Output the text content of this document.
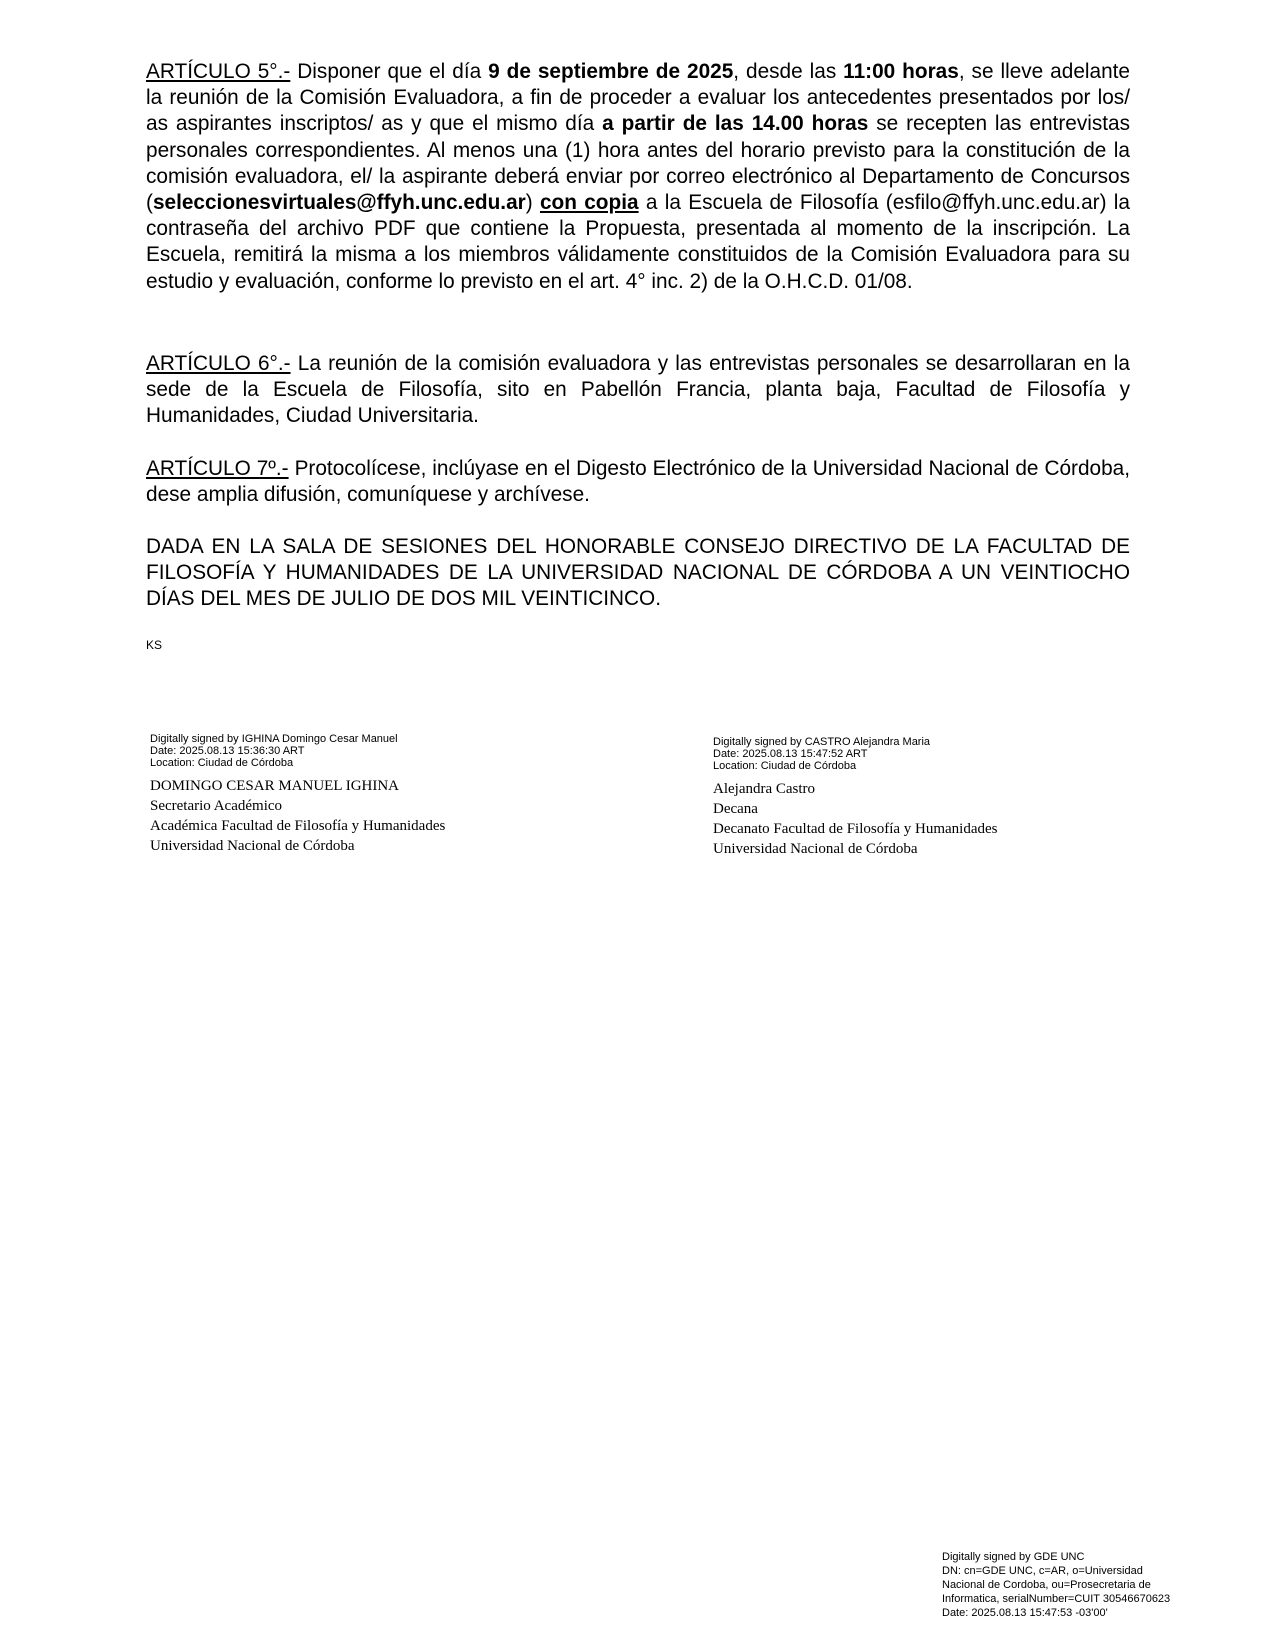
ARTÍCULO 5°.- Disponer que el día 9 de septiembre de 2025, desde las 11:00 horas, se lleve adelante la reunión de la Comisión Evaluadora, a fin de proceder a evaluar los antecedentes presentados por los/ as aspirantes inscriptos/ as y que el mismo día a partir de las 14.00 horas se recepten las entrevistas personales correspondientes. Al menos una (1) hora antes del horario previsto para la constitución de la comisión evaluadora, el/ la aspirante deberá enviar por correo electrónico al Departamento de Concursos (seleccionesvirtuales@ffyh.unc.edu.ar) con copia a la Escuela de Filosofía (esfilo@ffyh.unc.edu.ar) la contraseña del archivo PDF que contiene la Propuesta, presentada al momento de la inscripción. La Escuela, remitirá la misma a los miembros válidamente constituidos de la Comisión Evaluadora para su estudio y evaluación, conforme lo previsto en el art. 4° inc. 2) de la O.H.C.D. 01/08.
ARTÍCULO 6°.- La reunión de la comisión evaluadora y las entrevistas personales se desarrollaran en la sede de la Escuela de Filosofía, sito en Pabellón Francia, planta baja, Facultad de Filosofía y Humanidades, Ciudad Universitaria.
ARTÍCULO 7º.- Protocolícese, inclúyase en el Digesto Electrónico de la Universidad Nacional de Córdoba, dese amplia difusión, comuníquese y archívese.
DADA EN LA SALA DE SESIONES DEL HONORABLE CONSEJO DIRECTIVO DE LA FACULTAD DE FILOSOFÍA Y HUMANIDADES DE LA UNIVERSIDAD NACIONAL DE CÓRDOBA A UN VEINTIOCHO DÍAS DEL MES DE JULIO DE DOS MIL VEINTICINCO.
KS
Digitally signed by IGHINA Domingo Cesar Manuel
Date: 2025.08.13 15:36:30 ART
Location: Ciudad de Córdoba
DOMINGO CESAR MANUEL IGHINA
Secretario Académico
Académica Facultad de Filosofía y Humanidades
Universidad Nacional de Córdoba
Digitally signed by CASTRO Alejandra Maria
Date: 2025.08.13 15:47:52 ART
Location: Ciudad de Córdoba
Alejandra Castro
Decana
Decanato Facultad de Filosofía y Humanidades
Universidad Nacional de Córdoba
Digitally signed by GDE UNC
DN: cn=GDE UNC, c=AR, o=Universidad
Nacional de Cordoba, ou=Prosecretaria de
Informatica, serialNumber=CUIT 30546670623
Date: 2025.08.13 15:47:53 -03'00'
